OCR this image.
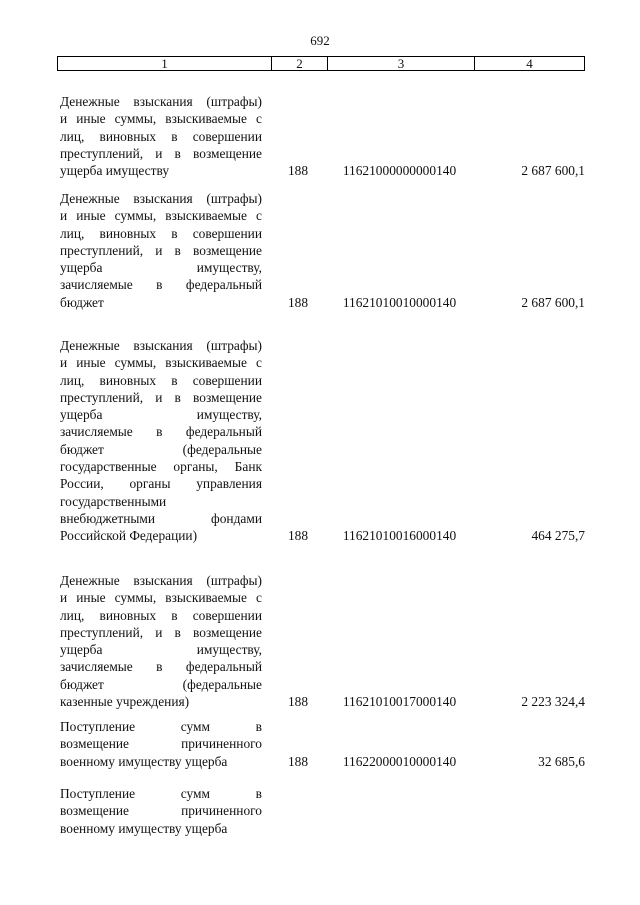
692
1	2	3	4
Денежные взыскания (штрафы)
и иные суммы, взыскиваемые с
лиц, виновных в совершении
преступлений, и в возмещение
ущерба имуществу	188	11621000000000140	2 687 600,1
Денежные взыскания (штрафы)
и иные суммы, взыскиваемые с
лиц, виновных в совершении
преступлений, и в возмещение
ущерба имуществу,
зачисляемые в федеральный
бюджет	188	11621010010000140	2 687 600,1
Денежные взыскания (штрафы)
и иные суммы, взыскиваемые с
лиц, виновных в совершении
преступлений, и в возмещение
ущерба имуществу,
зачисляемые в федеральный
бюджет (федеральные
государственные органы, Банк
России, органы управления
государственными
внебюджетными фондами
Российской Федерации)	188	11621010016000140	464 275,7
Денежные взыскания (штрафы)
и иные суммы, взыскиваемые с
лиц, виновных в совершении
преступлений, и в возмещение
ущерба имуществу,
зачисляемые в федеральный
бюджет (федеральные
казенные учреждения)	188	11621010017000140	2 223 324,4
Поступление сумм в
возмещение причиненного
военному имуществу ущерба	188	11622000010000140	32 685,6
Поступление сумм в
возмещение причиненного
военному имуществу ущерба
